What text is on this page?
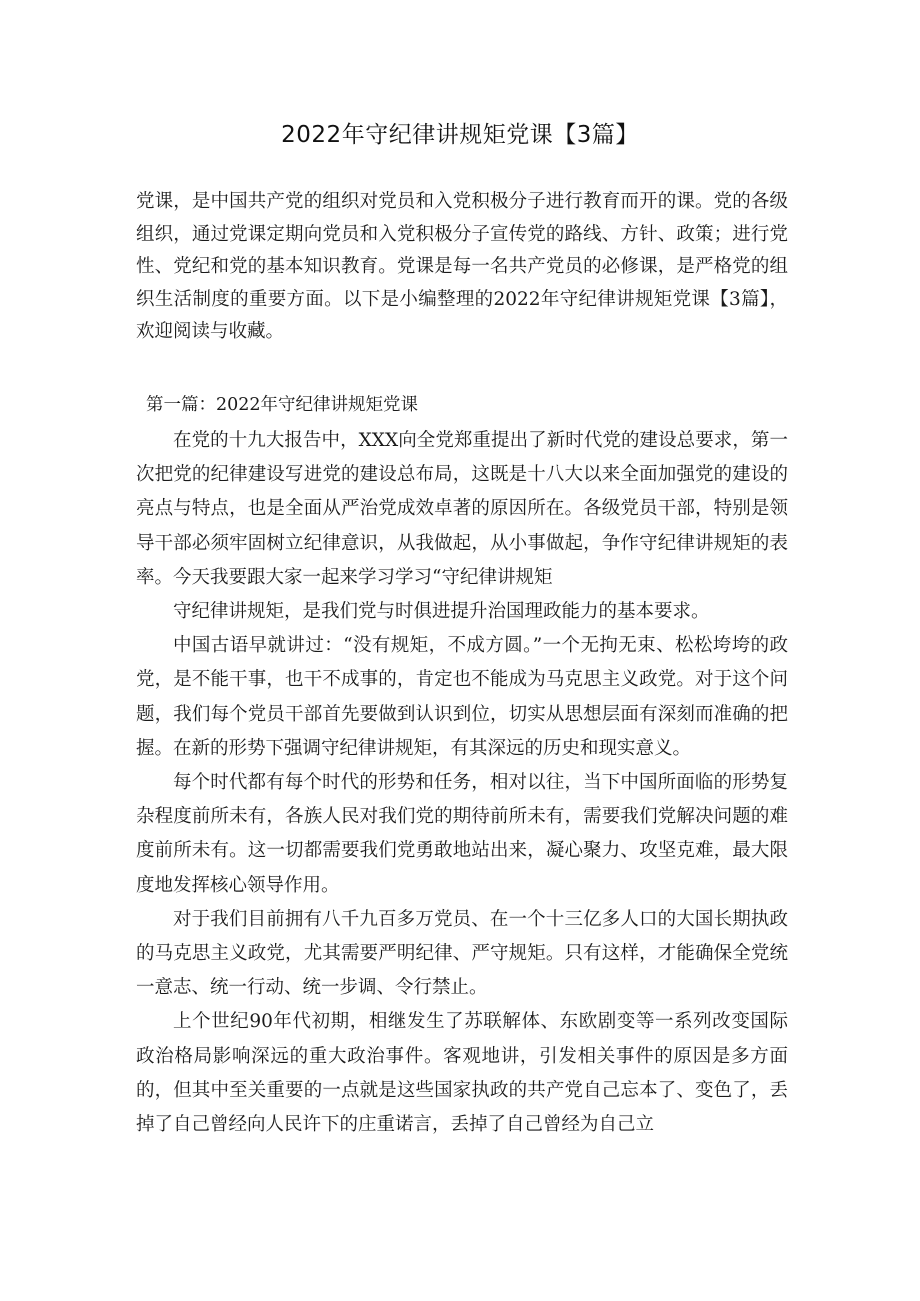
2022年守纪律讲规矩党课【3篇】

党课，是中国共产党的组织对党员和入党积极分子进行教育而开的课。党的各级组织，通过党课定期向党员和入党积极分子宣传党的路线、方针、政策；进行党性、党纪和党的基本知识教育。党课是每一名共产党员的必修课，是严格党的组织生活制度的重要方面。以下是小编整理的2022年守纪律讲规矩党课【3篇】，欢迎阅读与收藏。

第一篇：2022年守纪律讲规矩党课

在党的十九大报告中，XXX向全党郑重提出了新时代党的建设总要求，第一次把党的纪律建设写进党的建设总布局，这既是十八大以来全面加强党的建设的亮点与特点，也是全面从严治党成效卓著的原因所在。各级党员干部，特别是领导干部必须牢固树立纪律意识，从我做起，从小事做起，争作守纪律讲规矩的表率。今天我要跟大家一起来学习学习“守纪律讲规矩

守纪律讲规矩，是我们党与时俱进提升治国理政能力的基本要求。

中国古语早就讲过：“没有规矩，不成方圆。”一个无拘无束、松松垮垮的政党，是不能干事，也干不成事的，肯定也不能成为马克思主义政党。对于这个问题，我们每个党员干部首先要做到认识到位，切实从思想层面有深刻而准确的把握。在新的形势下强调守纪律讲规矩，有其深远的历史和现实意义。

每个时代都有每个时代的形势和任务，相对以往，当下中国所面临的形势复杂程度前所未有，各族人民对我们党的期待前所未有，需要我们党解决问题的难度前所未有。这一切都需要我们党勇敢地站出来，凝心聚力、攻坚克难，最大限度地发挥核心领导作用。

对于我们目前拥有八千九百多万党员、在一个十三亿多人口的大国长期执政的马克思主义政党，尤其需要严明纪律、严守规矩。只有这样，才能确保全党统一意志、统一行动、统一步调、令行禁止。

上个世纪90年代初期，相继发生了苏联解体、东欧剧变等一系列改变国际政治格局影响深远的重大政治事件。客观地讲，引发相关事件的原因是多方面的，但其中至关重要的一点就是这些国家执政的共产党自己忘本了、变色了，丢掉了自己曾经向人民许下的庄重诺言，丢掉了自己曾经为自己立
